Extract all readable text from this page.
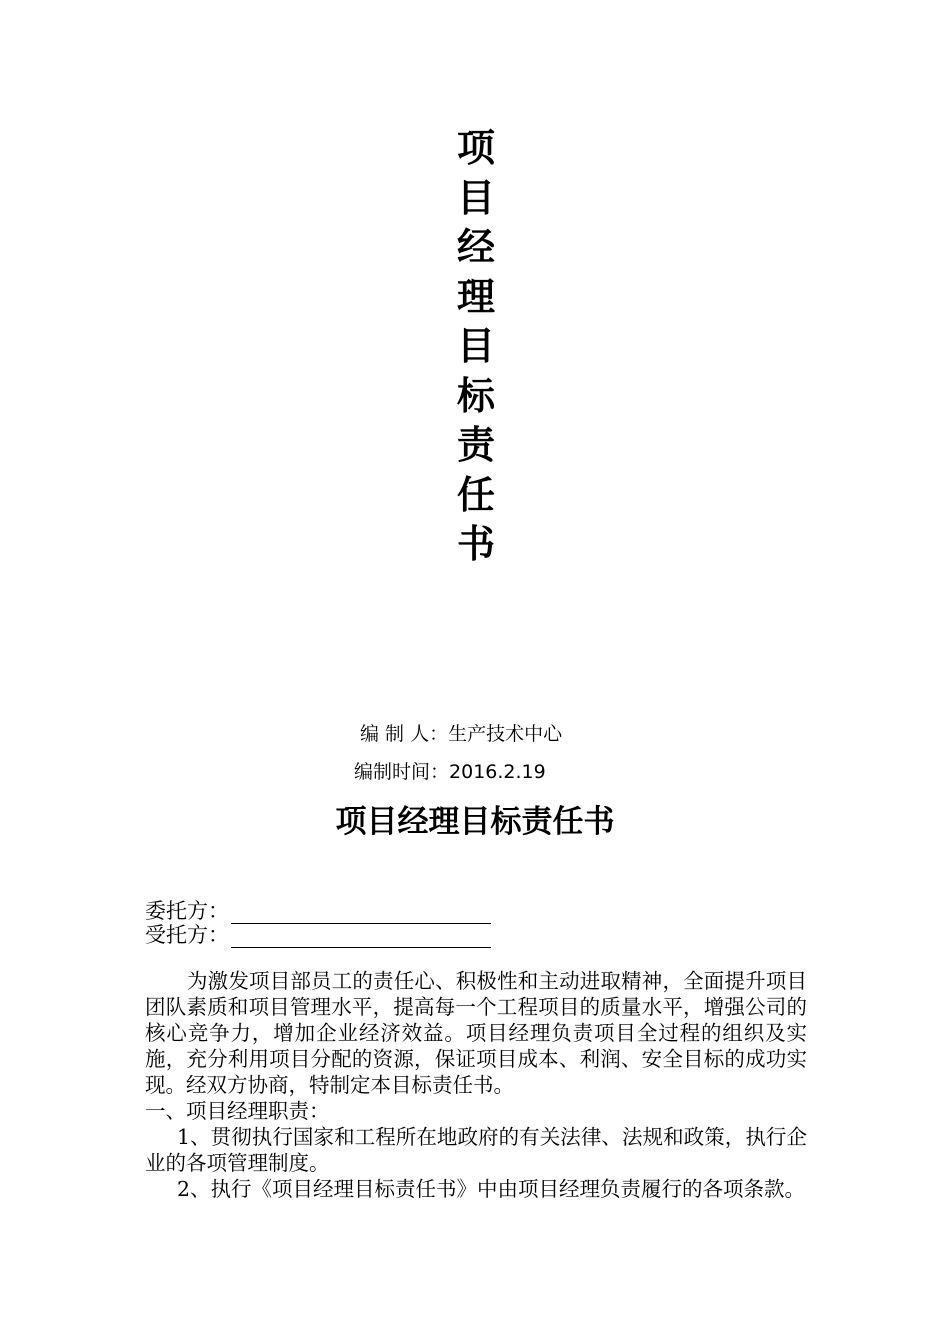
项
目
经
理
目
标
责
任
书
编 制 人：生产技术中心
编制时间：2016.2.19
项目经理目标责任书
委托方：
受托方：

为激发项目部员工的责任心、积极性和主动进取精神，全面提升项目团队素质和项目管理水平，提高每一个工程项目的质量水平，增强公司的核心竞争力，增加企业经济效益。项目经理负责项目全过程的组织及实施，充分利用项目分配的资源，保证项目成本、利润、安全目标的成功实现。经双方协商，特制定本目标责任书。

一、项目经理职责：

1、贯彻执行国家和工程所在地政府的有关法律、法规和政策，执行企业的各项管理制度。

2、执行《项目经理目标责任书》中由项目经理负责履行的各项条款。
